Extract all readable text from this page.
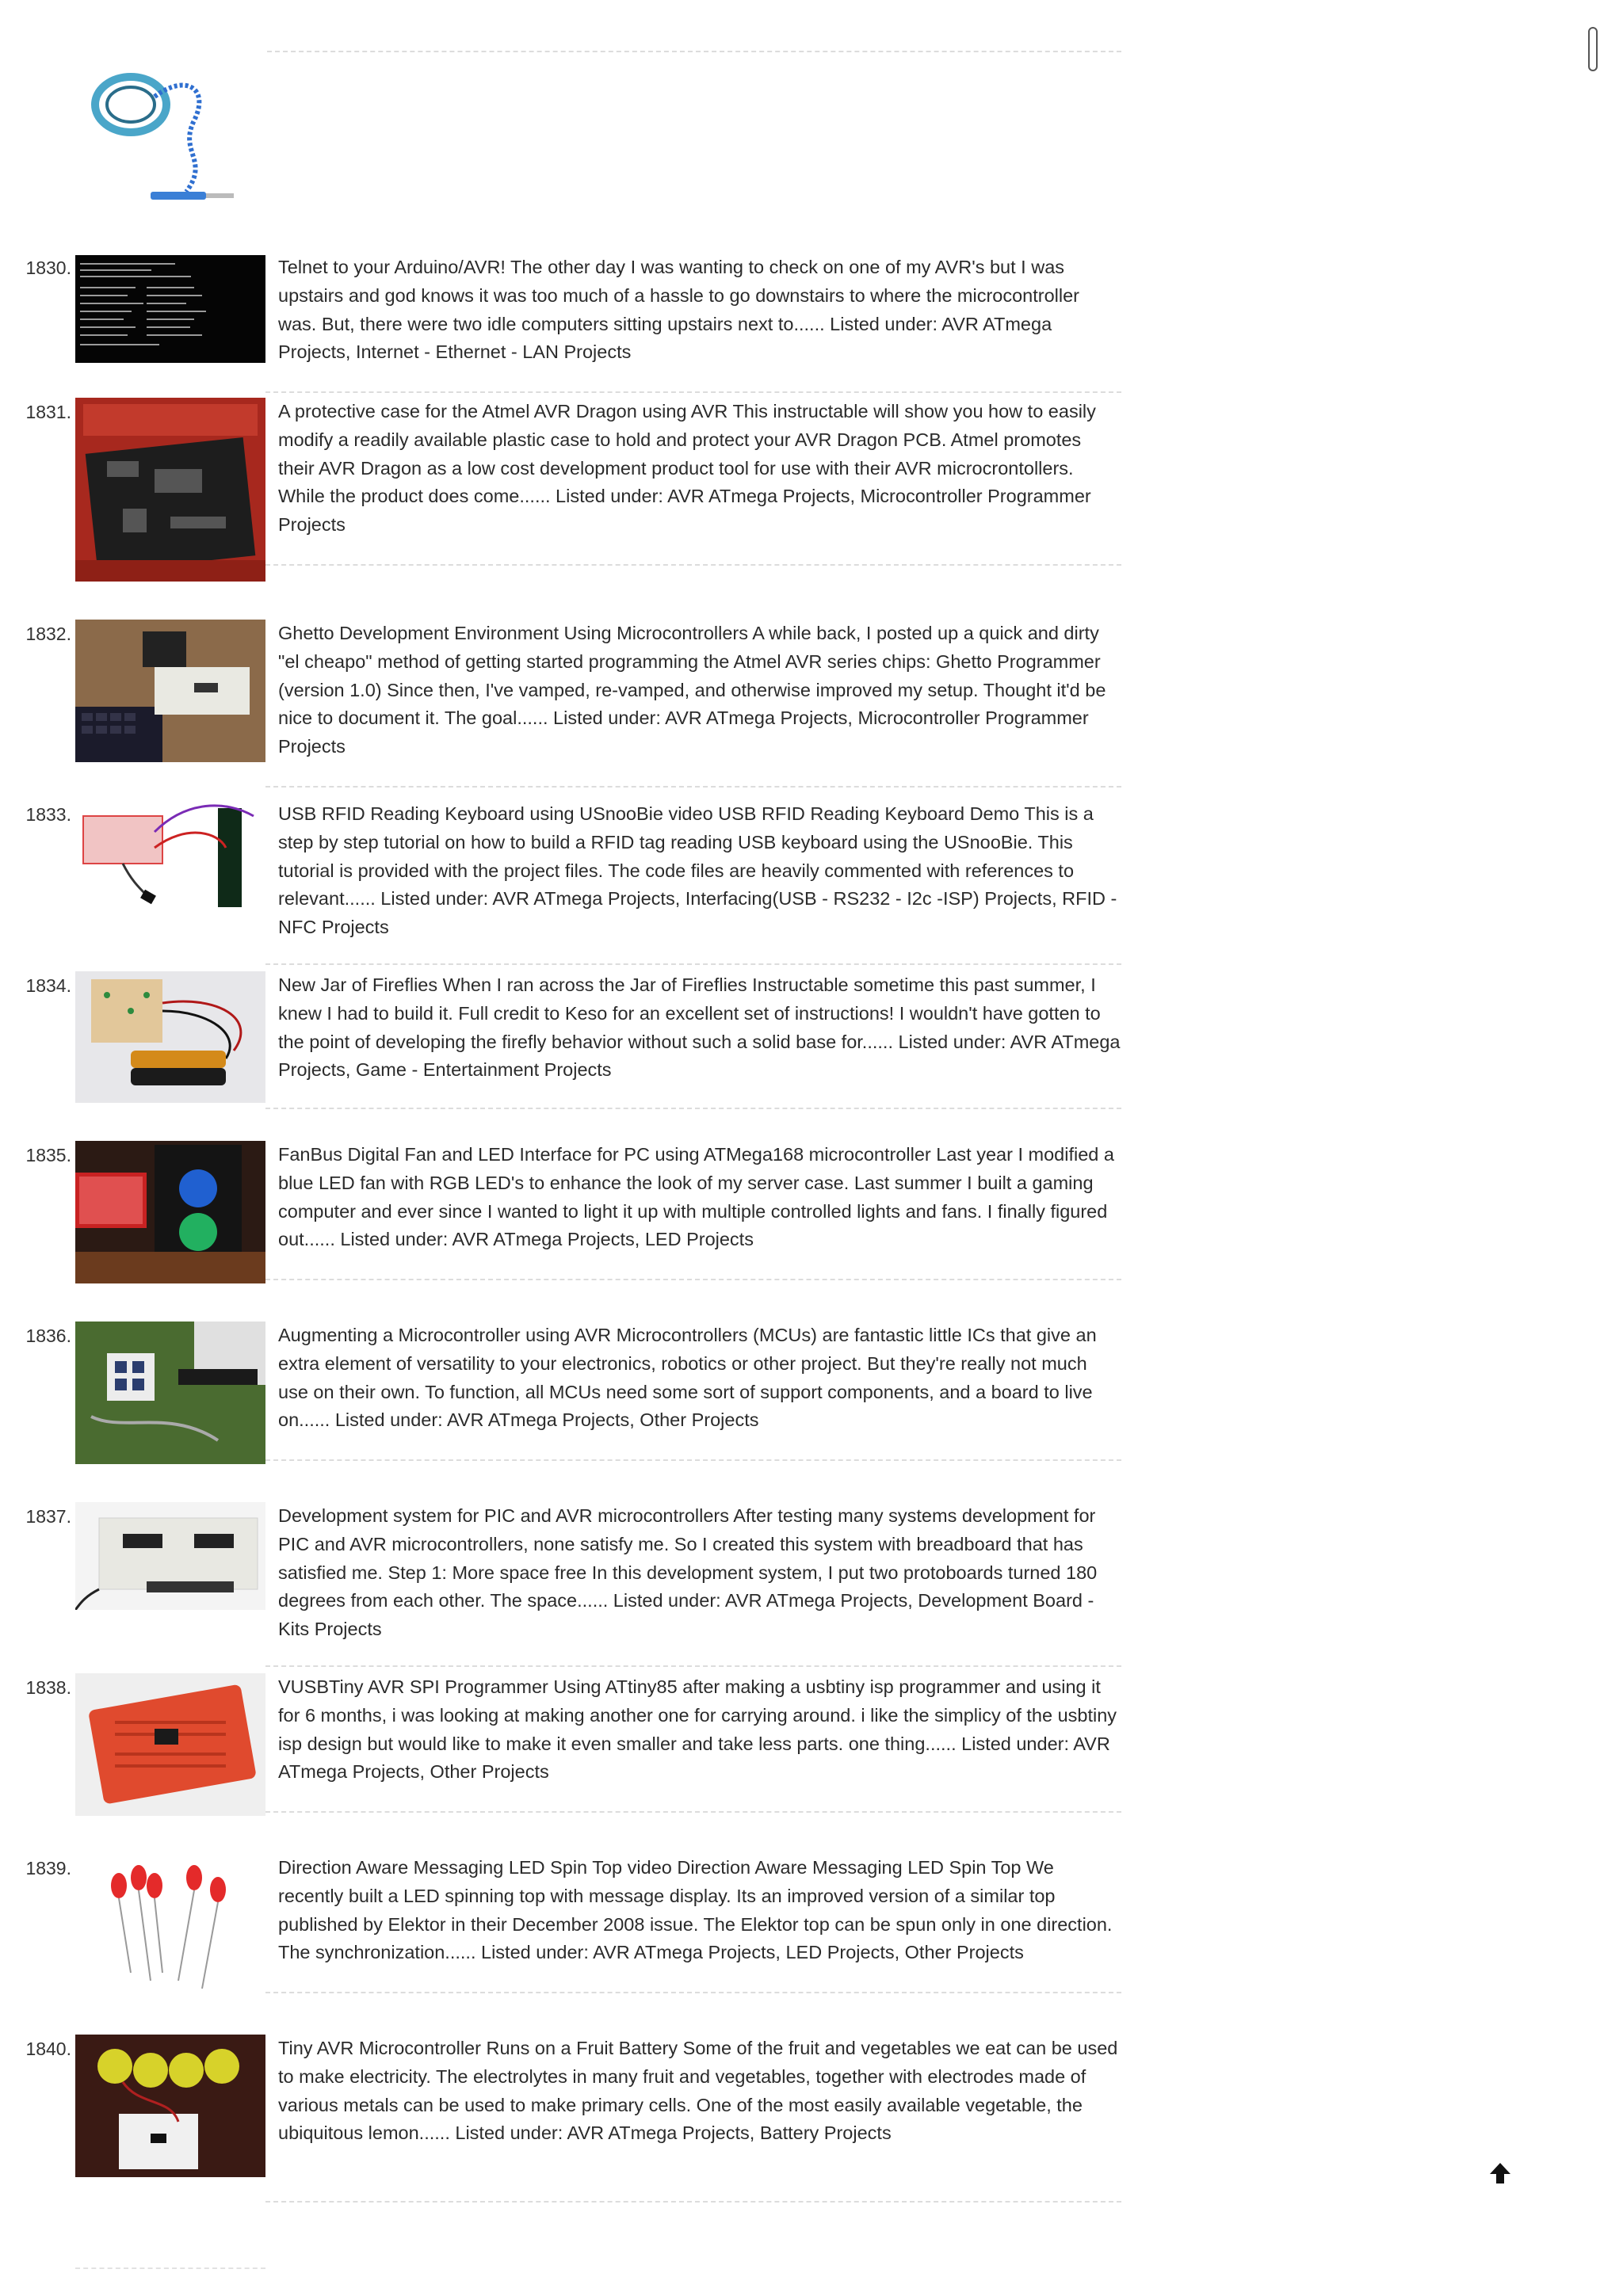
1830.	Telnet to your Arduino/AVR! The other day I was wanting to check on one of my AVR's but I was upstairs and god knows it was too much of a hassle to go downstairs to where the microcontroller was. But, there were two idle computers sitting upstairs next to...... Listed under: AVR ATmega Projects, Internet - Ethernet - LAN Projects

1831.	A protective case for the Atmel AVR Dragon using AVR This instructable will show you how to easily modify a readily available plastic case to hold and protect your AVR Dragon PCB. Atmel promotes their AVR Dragon as a low cost development product tool for use with their AVR microcrontollers. While the product does come...... Listed under: AVR ATmega Projects, Microcontroller Programmer Projects

1832.	Ghetto Development Environment Using Microcontrollers A while back, I posted up a quick and dirty "el cheapo" method of getting started programming the Atmel AVR series chips: Ghetto Programmer (version 1.0) Since then, I've vamped, re-vamped, and otherwise improved my setup. Thought it'd be nice to document it. The goal...... Listed under: AVR ATmega Projects, Microcontroller Programmer Projects

1833.	USB RFID Reading Keyboard using USnooBie video USB RFID Reading Keyboard Demo This is a step by step tutorial on how to build a RFID tag reading USB keyboard using the USnooBie. This tutorial is provided with the project files. The code files are heavily commented with references to relevant...... Listed under: AVR ATmega Projects, Interfacing(USB - RS232 - I2c -ISP) Projects, RFID - NFC Projects

1834.	New Jar of Fireflies When I ran across the Jar of Fireflies Instructable sometime this past summer, I knew I had to build it. Full credit to Keso for an excellent set of instructions! I wouldn't have gotten to the point of developing the firefly behavior without such a solid base for...... Listed under: AVR ATmega Projects, Game - Entertainment Projects

1835.	FanBus Digital Fan and LED Interface for PC using ATMega168 microcontroller Last year I modified a blue LED fan with RGB LED's to enhance the look of my server case. Last summer I built a gaming computer and ever since I wanted to light it up with multiple controlled lights and fans. I finally figured out...... Listed under: AVR ATmega Projects, LED Projects

1836.	Augmenting a Microcontroller using AVR Microcontrollers (MCUs) are fantastic little ICs that give an extra element of versatility to your electronics, robotics or other project. But they're really not much use on their own. To function, all MCUs need some sort of support components, and a board to live on...... Listed under: AVR ATmega Projects, Other Projects

1837.	Development system for PIC and AVR microcontrollers After testing many systems development for PIC and AVR microcontrollers, none satisfy me. So I created this system with breadboard that has satisfied me. Step 1: More space free In this development system, I put two protoboards turned 180 degrees from each other. The space...... Listed under: AVR ATmega Projects, Development Board - Kits Projects

1838.	VUSBTiny AVR SPI Programmer Using ATtiny85 after making a usbtiny isp programmer and using it for 6 months, i was looking at making another one for carrying around. i like the simplicy of the usbtiny isp design but would like to make it even smaller and take less parts. one thing...... Listed under: AVR ATmega Projects, Other Projects

1839.	Direction Aware Messaging LED Spin Top video Direction Aware Messaging LED Spin Top We recently built a LED spinning top with message display. Its an improved version of a similar top published by Elektor in their December 2008 issue. The Elektor top can be spun only in one direction. The synchronization...... Listed under: AVR ATmega Projects, LED Projects, Other Projects

1840.	Tiny AVR Microcontroller Runs on a Fruit Battery Some of the fruit and vegetables we eat can be used to make electricity. The electrolytes in many fruit and vegetables, together with electrodes made of various metals can be used to make primary cells. One of the most easily available vegetable, the ubiquitous lemon...... Listed under: AVR ATmega Projects, Battery Projects
